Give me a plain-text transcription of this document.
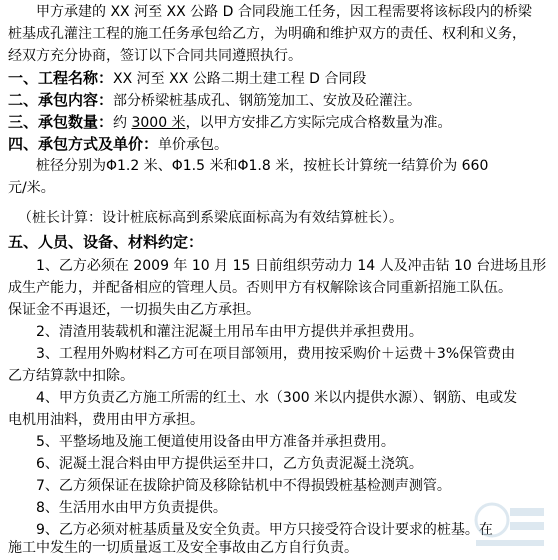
甲方承建的 XX 河至 XX 公路 D 合同段施工任务，因工程需要将该标段内的桥梁
桩基成孔灌注工程的施工任务承包给乙方，为明确和维护双方的责任、权利和义务，
经双方充分协商，签订以下合同共同遵照执行。
一、工程名称：XX 河至 XX 公路二期土建工程 D 合同段
二、承包内容：部分桥梁桩基成孔、钢筋笼加工、安放及砼灌注。
三、承包数量：约 3000 米，以甲方安排乙方实际完成合格数量为准。
四、承包方式及单价：单价承包。
桩径分别为Φ1.2 米、Φ1.5 米和Φ1.8 米，按桩长计算统一结算价为 660
元/米。
（桩长计算：设计桩底标高到系梁底面标高为有效结算桩长）。
五、人员、设备、材料约定：
1、乙方必须在 2009 年 10 月 15 日前组织劳动力 14 人及冲击钻 10 台进场且形
成生产能力，并配备相应的管理人员。否则甲方有权解除该合同重新招施工队伍。
保证金不再退还，一切损失由乙方承担。
2、清渣用装载机和灌注泥凝土用吊车由甲方提供并承担费用。
3、工程用外购材料乙方可在项目部领用，费用按采购价＋运费＋3%保管费由
乙方结算款中扣除。
4、甲方负责乙方施工所需的红土、水（300 米以内提供水源）、钢筋、电或发
电机用油料，费用由甲方承担。
5、平整场地及施工便道使用设备由甲方准备并承担费用。
6、泥凝土混合料由甲方提供运至井口，乙方负责泥凝土浇筑。
7、乙方须保证在拔除护筒及移除钻机中不得损毁桩基检测声测管。
8、生活用水由甲方负责提供。
9、乙方必须对桩基质量及安全负责。甲方只接受符合设计要求的桩基。在
施工中发生的一切质量返工及安全事故由乙方自行负责。
